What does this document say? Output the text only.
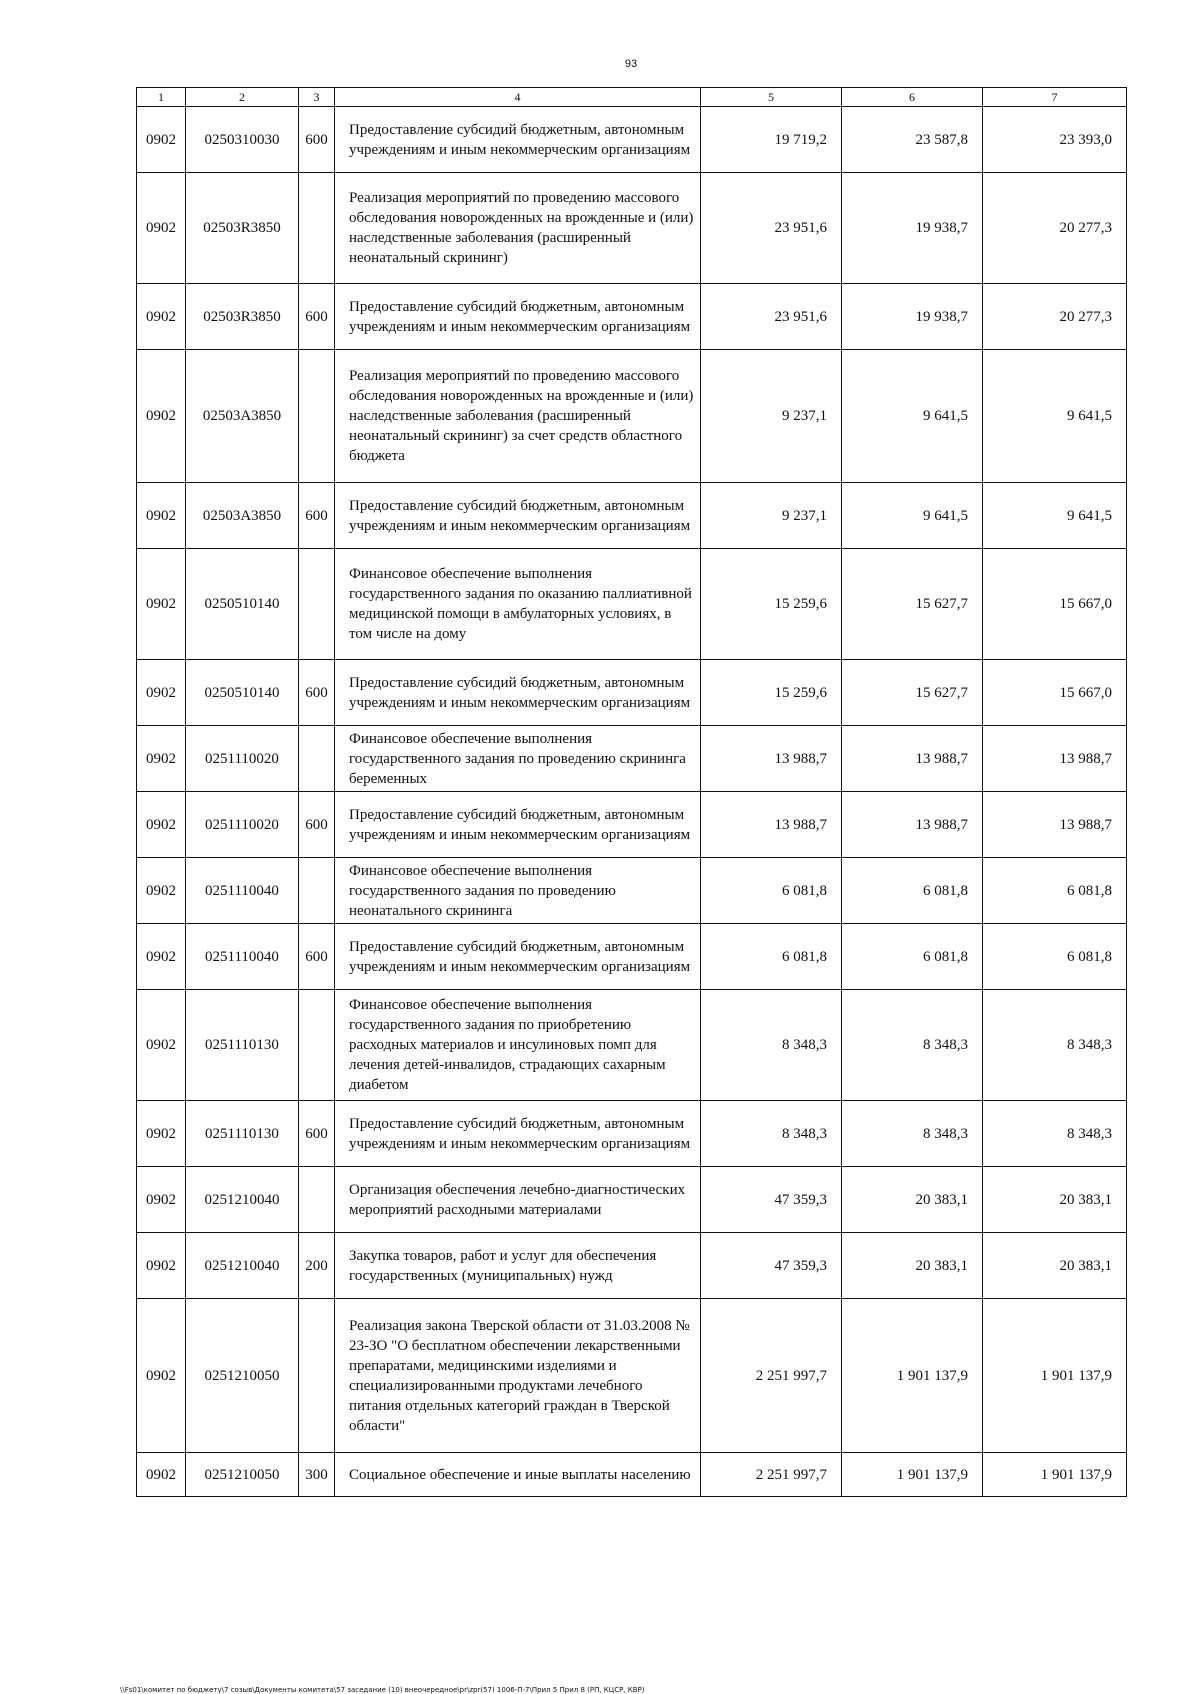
93
1	2	3	4	5	6	7
0902	0250310030	600	Предоставление субсидий бюджетным, автономным учреждениям и иным некоммерческим организациям	19 719,2	23 587,8	23 393,0
0902	02503R3850		Реализация мероприятий по проведению массового обследования новорожденных на врожденные и (или) наследственные заболевания (расширенный неонатальный скрининг)	23 951,6	19 938,7	20 277,3
0902	02503R3850	600	Предоставление субсидий бюджетным, автономным учреждениям и иным некоммерческим организациям	23 951,6	19 938,7	20 277,3
0902	02503A3850		Реализация мероприятий по проведению массового обследования новорожденных на врожденные и (или) наследственные заболевания (расширенный неонатальный скрининг) за счет средств областного бюджета	9 237,1	9 641,5	9 641,5
0902	02503A3850	600	Предоставление субсидий бюджетным, автономным учреждениям и иным некоммерческим организациям	9 237,1	9 641,5	9 641,5
0902	0250510140		Финансовое обеспечение выполнения государственного задания по оказанию паллиативной медицинской помощи в амбулаторных условиях, в том числе на дому	15 259,6	15 627,7	15 667,0
0902	0250510140	600	Предоставление субсидий бюджетным, автономным учреждениям и иным некоммерческим организациям	15 259,6	15 627,7	15 667,0
0902	0251110020		Финансовое обеспечение выполнения государственного задания по проведению скрининга беременных	13 988,7	13 988,7	13 988,7
0902	0251110020	600	Предоставление субсидий бюджетным, автономным учреждениям и иным некоммерческим организациям	13 988,7	13 988,7	13 988,7
0902	0251110040		Финансовое обеспечение выполнения государственного задания по проведению неонатального скрининга	6 081,8	6 081,8	6 081,8
0902	0251110040	600	Предоставление субсидий бюджетным, автономным учреждениям и иным некоммерческим организациям	6 081,8	6 081,8	6 081,8
0902	0251110130		Финансовое обеспечение выполнения государственного задания по приобретению расходных материалов и инсулиновых помп для лечения детей-инвалидов, страдающих сахарным диабетом	8 348,3	8 348,3	8 348,3
0902	0251110130	600	Предоставление субсидий бюджетным, автономным учреждениям и иным некоммерческим организациям	8 348,3	8 348,3	8 348,3
0902	0251210040		Организация обеспечения лечебно-диагностических мероприятий расходными материалами	47 359,3	20 383,1	20 383,1
0902	0251210040	200	Закупка товаров, работ и услуг для обеспечения государственных (муниципальных) нужд	47 359,3	20 383,1	20 383,1
0902	0251210050		Реализация закона Тверской области от 31.03.2008 № 23-ЗО "О бесплатном обеспечении лекарственными препаратами, медицинскими изделиями и специализированными продуктами лечебного питания отдельных категорий граждан в Тверской области"	2 251 997,7	1 901 137,9	1 901 137,9
0902	0251210050	300	Социальное обеспечение и иные выплаты населению	2 251 997,7	1 901 137,9	1 901 137,9
\\Fs01\комитет по бюджету\7 созыв\Документы комитета\57 заседание (10) внеочередное\pr\zpr(57) 1006-П-7\Прил 5 Прил 8 (РП, КЦСР, КВР)
